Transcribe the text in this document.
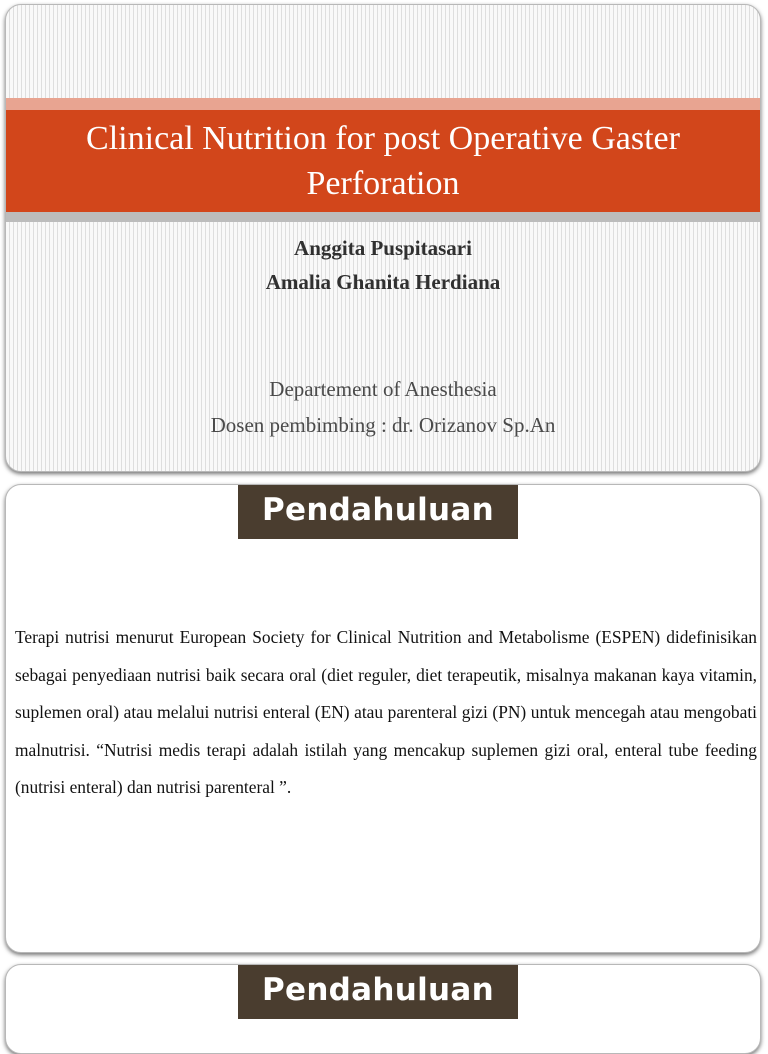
Clinical Nutrition for post Operative Gaster Perforation
Anggita Puspitasari
Amalia Ghanita Herdiana
Departement of Anesthesia
Dosen pembimbing : dr. Orizanov Sp.An
Pendahuluan

Terapi nutrisi menurut European Society for Clinical Nutrition and Metabolisme (ESPEN) didefinisikan sebagai penyediaan nutrisi baik secara oral (diet reguler, diet terapeutik, misalnya makanan kaya vitamin, suplemen oral) atau melalui nutrisi enteral (EN) atau parenteral gizi (PN) untuk mencegah atau mengobati malnutrisi. “Nutrisi medis terapi adalah istilah yang mencakup suplemen gizi oral, enteral tube feeding (nutrisi enteral) dan nutrisi parenteral ”.

Pendahuluan
